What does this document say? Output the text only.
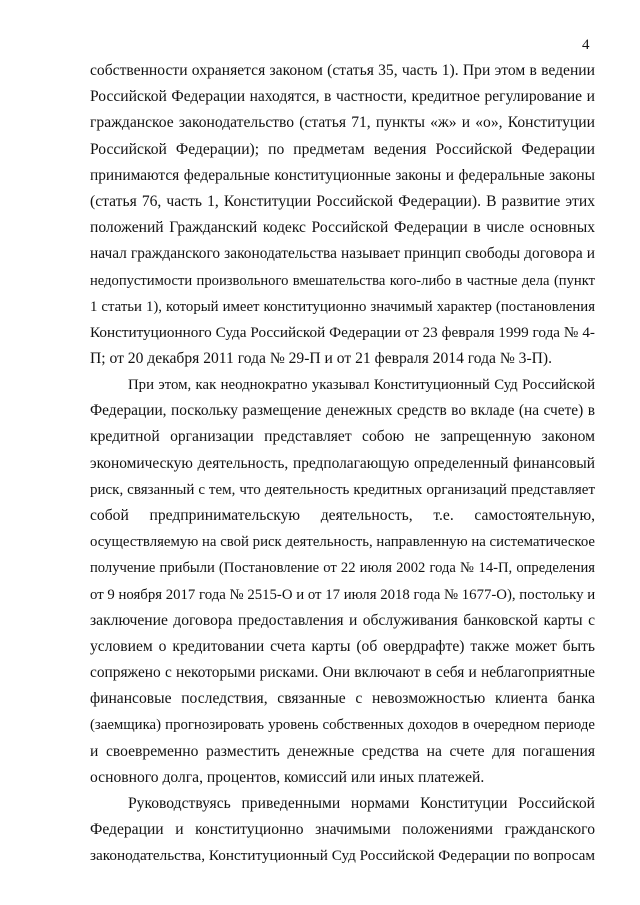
4
собственности охраняется законом (статья 35, часть 1). При этом в ведении
Российской Федерации находятся, в частности, кредитное регулирование и
гражданское законодательство (статья 71, пункты «ж» и «о», Конституции
Российской Федерации); по предметам ведения Российской Федерации
принимаются федеральные конституционные законы и федеральные законы
(статья 76, часть 1, Конституции Российской Федерации). В развитие этих
положений Гражданский кодекс Российской Федерации в числе основных
начал гражданского законодательства называет принцип свободы договора и
недопустимости произвольного вмешательства кого-либо в частные дела (пункт
1 статьи 1), который имеет конституционно значимый характер (постановления
Конституционного Суда Российской Федерации от 23 февраля 1999 года № 4-
П; от 20 декабря 2011 года № 29-П и от 21 февраля 2014 года № 3-П).
При этом, как неоднократно указывал Конституционный Суд Российской
Федерации, поскольку размещение денежных средств во вкладе (на счете) в
кредитной организации представляет собою не запрещенную законом
экономическую деятельность, предполагающую определенный финансовый
риск, связанный с тем, что деятельность кредитных организаций представляет
собой предпринимательскую деятельность, т.е. самостоятельную,
осуществляемую на свой риск деятельность, направленную на систематическое
получение прибыли (Постановление от 22 июля 2002 года № 14-П, определения
от 9 ноября 2017 года № 2515-О и от 17 июля 2018 года № 1677-О), постольку и
заключение договора предоставления и обслуживания банковской карты с
условием о кредитовании счета карты (об овердрафте) также может быть
сопряжено с некоторыми рисками. Они включают в себя и неблагоприятные
финансовые последствия, связанные с невозможностью клиента банка
(заемщика) прогнозировать уровень собственных доходов в очередном периоде
и своевременно разместить денежные средства на счете для погашения
основного долга, процентов, комиссий или иных платежей.
Руководствуясь приведенными нормами Конституции Российской
Федерации и конституционно значимыми положениями гражданского
законодательства, Конституционный Суд Российской Федерации по вопросам
